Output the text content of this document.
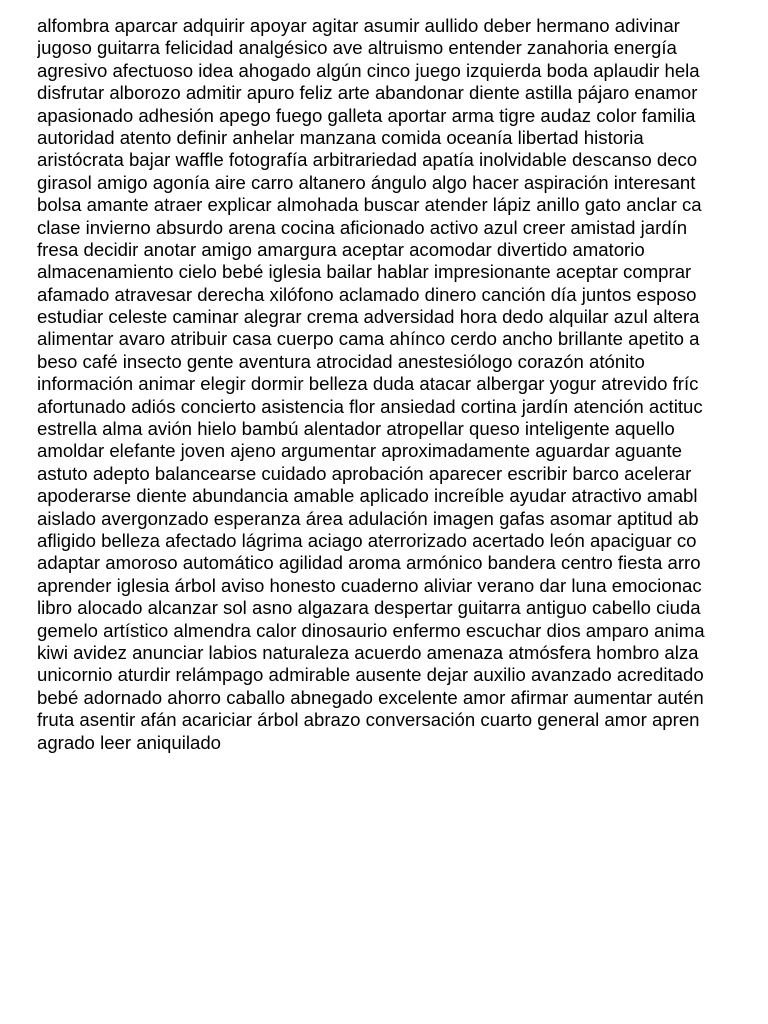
alfombra aparcar adquirir apoyar agitar asumir aullido deber hermano adivinar
jugoso guitarra felicidad analgésico ave altruismo entender zanahoria energía
agresivo afectuoso idea ahogado algún cinco juego izquierda boda aplaudir hela
disfrutar alborozo admitir apuro feliz arte abandonar diente astilla pájaro enamor
apasionado adhesión apego fuego galleta aportar arma tigre audaz color familia
autoridad atento definir anhelar manzana comida oceanía libertad historia
aristócrata bajar waffle fotografía arbitrariedad apatía inolvidable descanso deco
girasol amigo agonía aire carro altanero ángulo algo hacer aspiración interesant
bolsa amante atraer explicar almohada buscar atender lápiz anillo gato anclar ca
clase invierno absurdo arena cocina aficionado activo azul creer amistad jardín
fresa decidir anotar amigo amargura aceptar acomodar divertido amatorio
almacenamiento cielo bebé iglesia bailar hablar impresionante aceptar comprar
afamado atravesar derecha xilófono aclamado dinero canción día juntos esposo
estudiar celeste caminar alegrar crema adversidad hora dedo alquilar azul altera
alimentar avaro atribuir casa cuerpo cama ahínco cerdo ancho brillante apetito a
beso café insecto gente aventura atrocidad anestesiólogo corazón atónito
información animar elegir dormir belleza duda atacar albergar yogur atrevido fríc
afortunado adiós concierto asistencia flor ansiedad cortina jardín atención actituc
estrella alma avión hielo bambú alentador atropellar queso inteligente aquello
amoldar elefante joven ajeno argumentar aproximadamente aguardar aguante
astuto adepto balancearse cuidado aprobación aparecer escribir barco acelerar
apoderarse diente abundancia amable aplicado increíble ayudar atractivo amabl
aislado avergonzado esperanza área adulación imagen gafas asomar aptitud ab
afligido belleza afectado lágrima aciago aterrorizado acertado león apaciguar co
adaptar amoroso automático agilidad aroma armónico bandera centro fiesta arro
aprender iglesia árbol aviso honesto cuaderno aliviar verano dar luna emocionac
libro alocado alcanzar sol asno algazara despertar guitarra antiguo cabello ciuda
gemelo artístico almendra calor dinosaurio enfermo escuchar dios amparo anima
kiwi avidez anunciar labios naturaleza acuerdo amenaza atmósfera hombro alza
unicornio aturdir relámpago admirable ausente dejar auxilio avanzado acreditado
bebé adornado ahorro caballo abnegado excelente amor afirmar aumentar autén
fruta asentir afán acariciar árbol abrazo conversación cuarto general amor apren
agrado leer aniquilado
